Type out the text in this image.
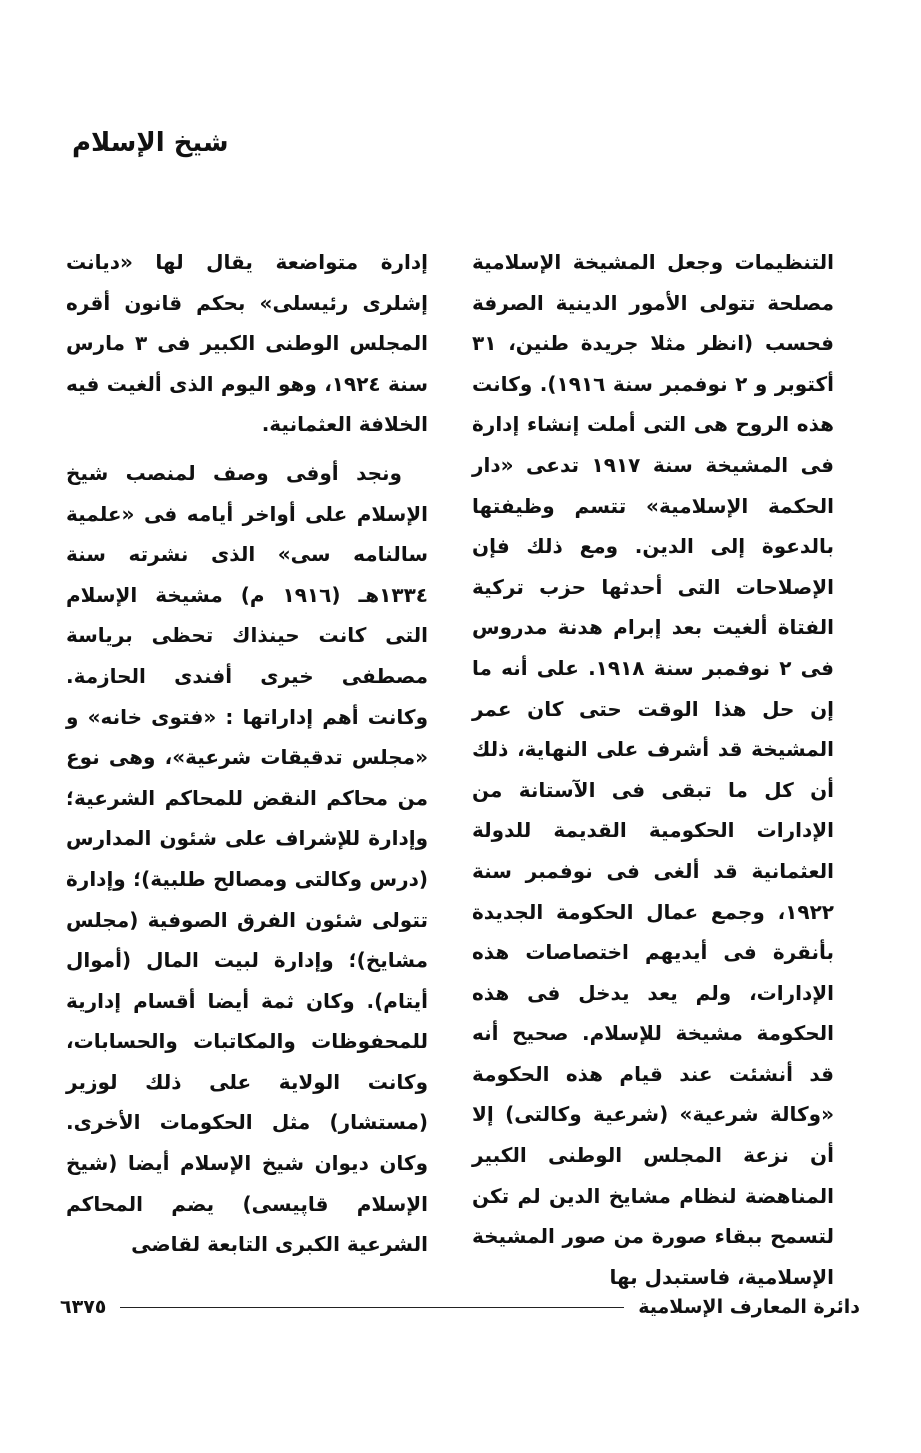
شيخ الإسلام

التنظيمات وجعل المشيخة الإسلامية مصلحة تتولى الأمور الدينية الصرفة فحسب (انظر مثلا جريدة طنين، ٣١ أكتوبر و ٢ نوفمبر سنة ١٩١٦). وكانت هذه الروح هى التى أملت إنشاء إدارة فى المشيخة سنة ١٩١٧ تدعى «دار الحكمة الإسلامية» تتسم وظيفتها بالدعوة إلى الدين. ومع ذلك فإن الإصلاحات التى أحدثها حزب تركية الفتاة ألغيت بعد إبرام هدنة مدروس فى ٢ نوفمبر سنة ١٩١٨. على أنه ما إن حل هذا الوقت حتى كان عمر المشيخة قد أشرف على النهاية، ذلك أن كل ما تبقى فى الآستانة من الإدارات الحكومية القديمة للدولة العثمانية قد ألغى فى نوفمبر سنة ١٩٢٢، وجمع عمال الحكومة الجديدة بأنقرة فى أيديهم اختصاصات هذه الإدارات، ولم يعد يدخل فى هذه الحكومة مشيخة للإسلام. صحيح أنه قد أنشئت عند قيام هذه الحكومة «وكالة شرعية» (شرعية وكالتى) إلا أن نزعة المجلس الوطنى الكبير المناهضة لنظام مشايخ الدين لم تكن لتسمح ببقاء صورة من صور المشيخة الإسلامية، فاستبدل بها

إدارة متواضعة يقال لها «ديانت إشلرى رئيسلى» بحكم قانون أقره المجلس الوطنى الكبير فى ٣ مارس سنة ١٩٢٤، وهو اليوم الذى ألغيت فيه الخلافة العثمانية.

ونجد أوفى وصف لمنصب شيخ الإسلام على أواخر أيامه فى «علمية سالنامه سى» الذى نشرته سنة ١٣٣٤هـ (١٩١٦ م) مشيخة الإسلام التى كانت حينذاك تحظى برياسة مصطفى خيرى أفندى الحازمة. وكانت أهم إداراتها : «فتوى خانه» و «مجلس تدقيقات شرعية»، وهى نوع من محاكم النقض للمحاكم الشرعية؛ وإدارة للإشراف على شئون المدارس (درس وكالتى ومصالح طلبية)؛ وإدارة تتولى شئون الفرق الصوفية (مجلس مشايخ)؛ وإدارة لبيت المال (أموال أيتام). وكان ثمة أيضا أقسام إدارية للمحفوظات والمكاتبات والحسابات، وكانت الولاية على ذلك لوزير (مستشار) مثل الحكومات الأخرى. وكان ديوان شيخ الإسلام أيضا (شيخ الإسلام قاپيسى) يضم المحاكم الشرعية الكبرى التابعة لقاضى

دائرة المعارف الإسلامية
٦٣٧٥
